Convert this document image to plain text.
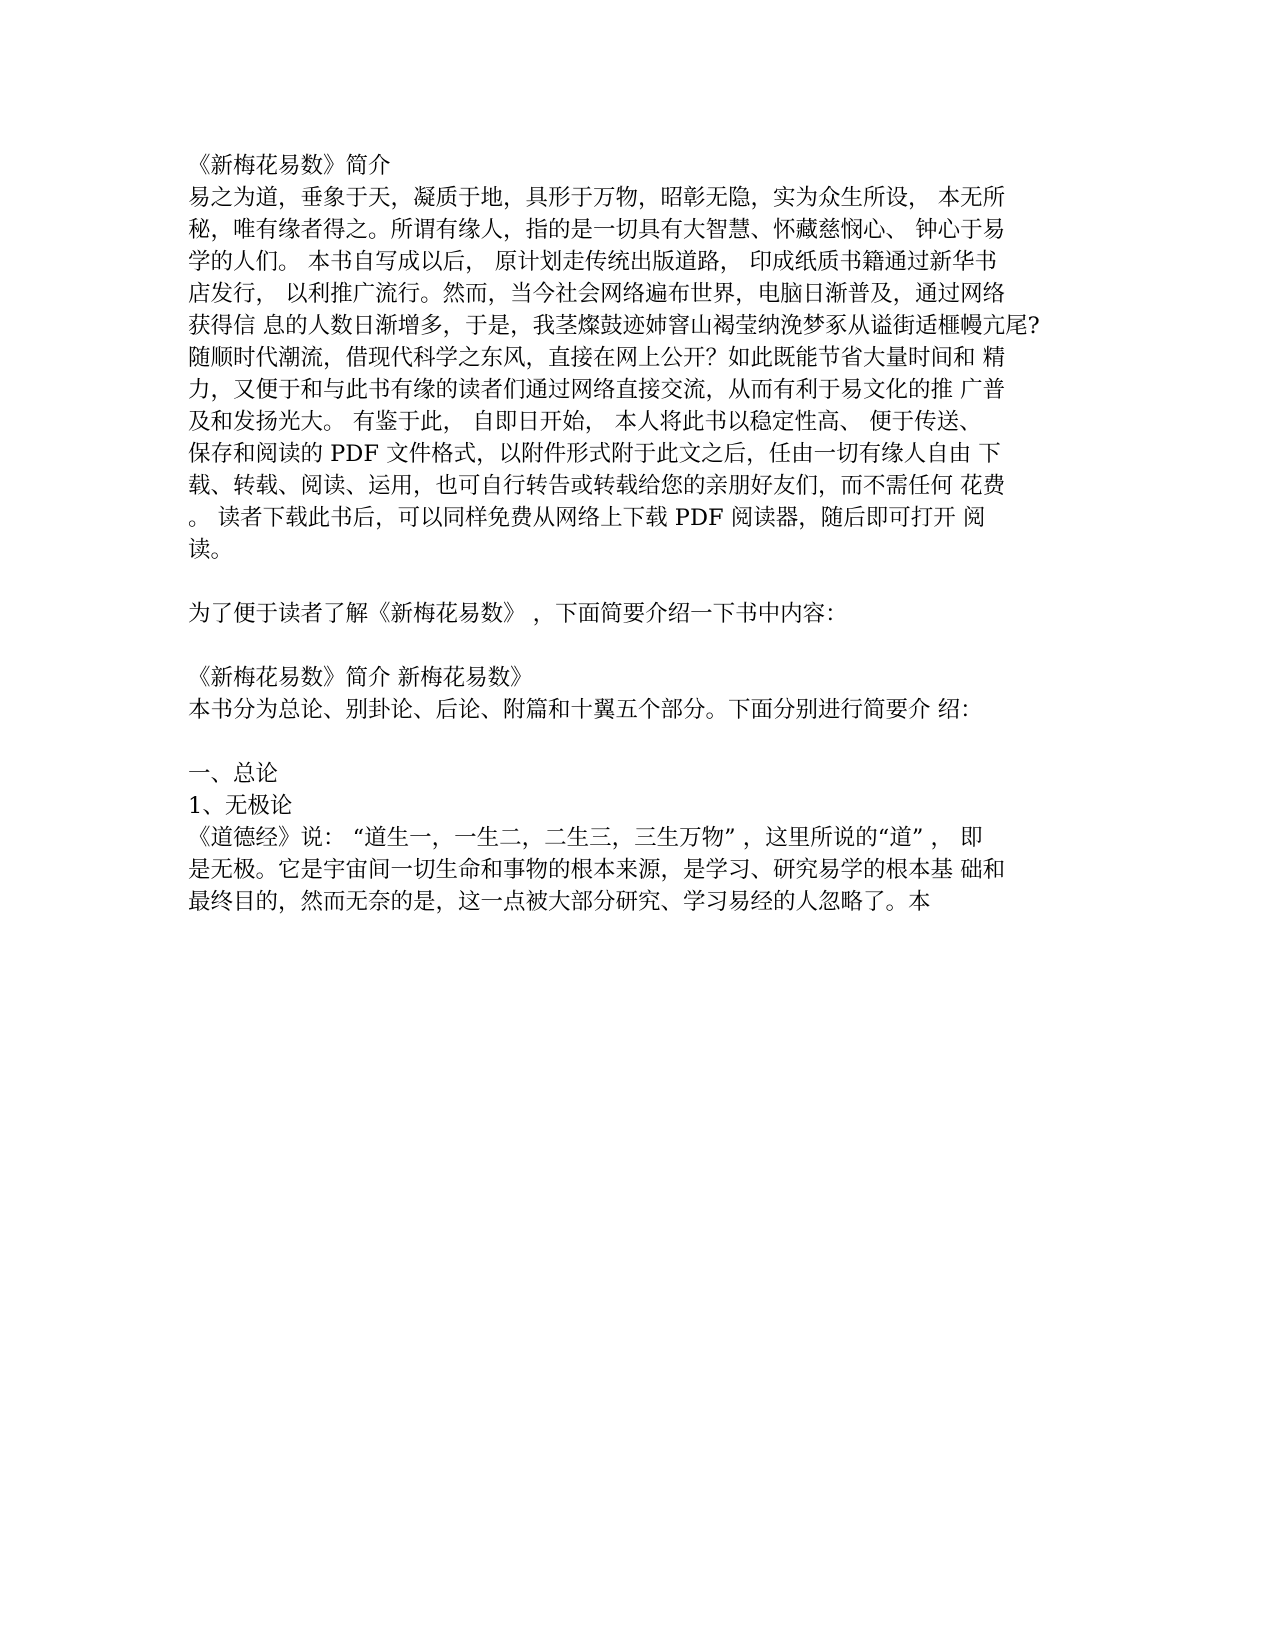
《新梅花易数》简介
易之为道，垂象于天，凝质于地，具形于万物，昭彰无隐，实为众生所设， 本无所
秘，唯有缘者得之。所谓有缘人，指的是一切具有大智慧、怀藏慈悯心、 钟心于易
学的人们。 本书自写成以后， 原计划走传统出版道路， 印成纸质书籍通过新华书
店发行， 以利推广流行。然而，当今社会网络遍布世界，电脑日渐普及，通过网络
获得信 息的人数日渐增多，于是，我茎燦鼓迹姉窨山褐莹纳浼梦豖从谥街适榧幔亢尾?
随顺时代潮流，借现代科学之东风，直接在网上公开？如此既能节省大量时间和 精
力，又便于和与此书有缘的读者们通过网络直接交流，从而有利于易文化的推 广普
及和发扬光大。 有鉴于此， 自即日开始， 本人将此书以稳定性高、 便于传送、
保存和阅读的 PDF 文件格式，以附件形式附于此文之后，任由一切有缘人自由 下
载、转载、阅读、运用，也可自行转告或转载给您的亲朋好友们，而不需任何 花费
。 读者下载此书后，可以同样免费从网络上下载 PDF 阅读器，随后即可打开 阅
读。
为了便于读者了解《新梅花易数》 ，下面简要介绍一下书中内容：
《新梅花易数》简介 新梅花易数》
本书分为总论、别卦论、后论、附篇和十翼五个部分。下面分别进行简要介 绍：
一、总论
1、无极论
《道德经》说： “道生一，一生二，二生三，三生万物” ，这里所说的“道” ， 即
是无极。它是宇宙间一切生命和事物的根本来源，是学习、研究易学的根本基 础和
最终目的，然而无奈的是，这一点被大部分研究、学习易经的人忽略了。本
